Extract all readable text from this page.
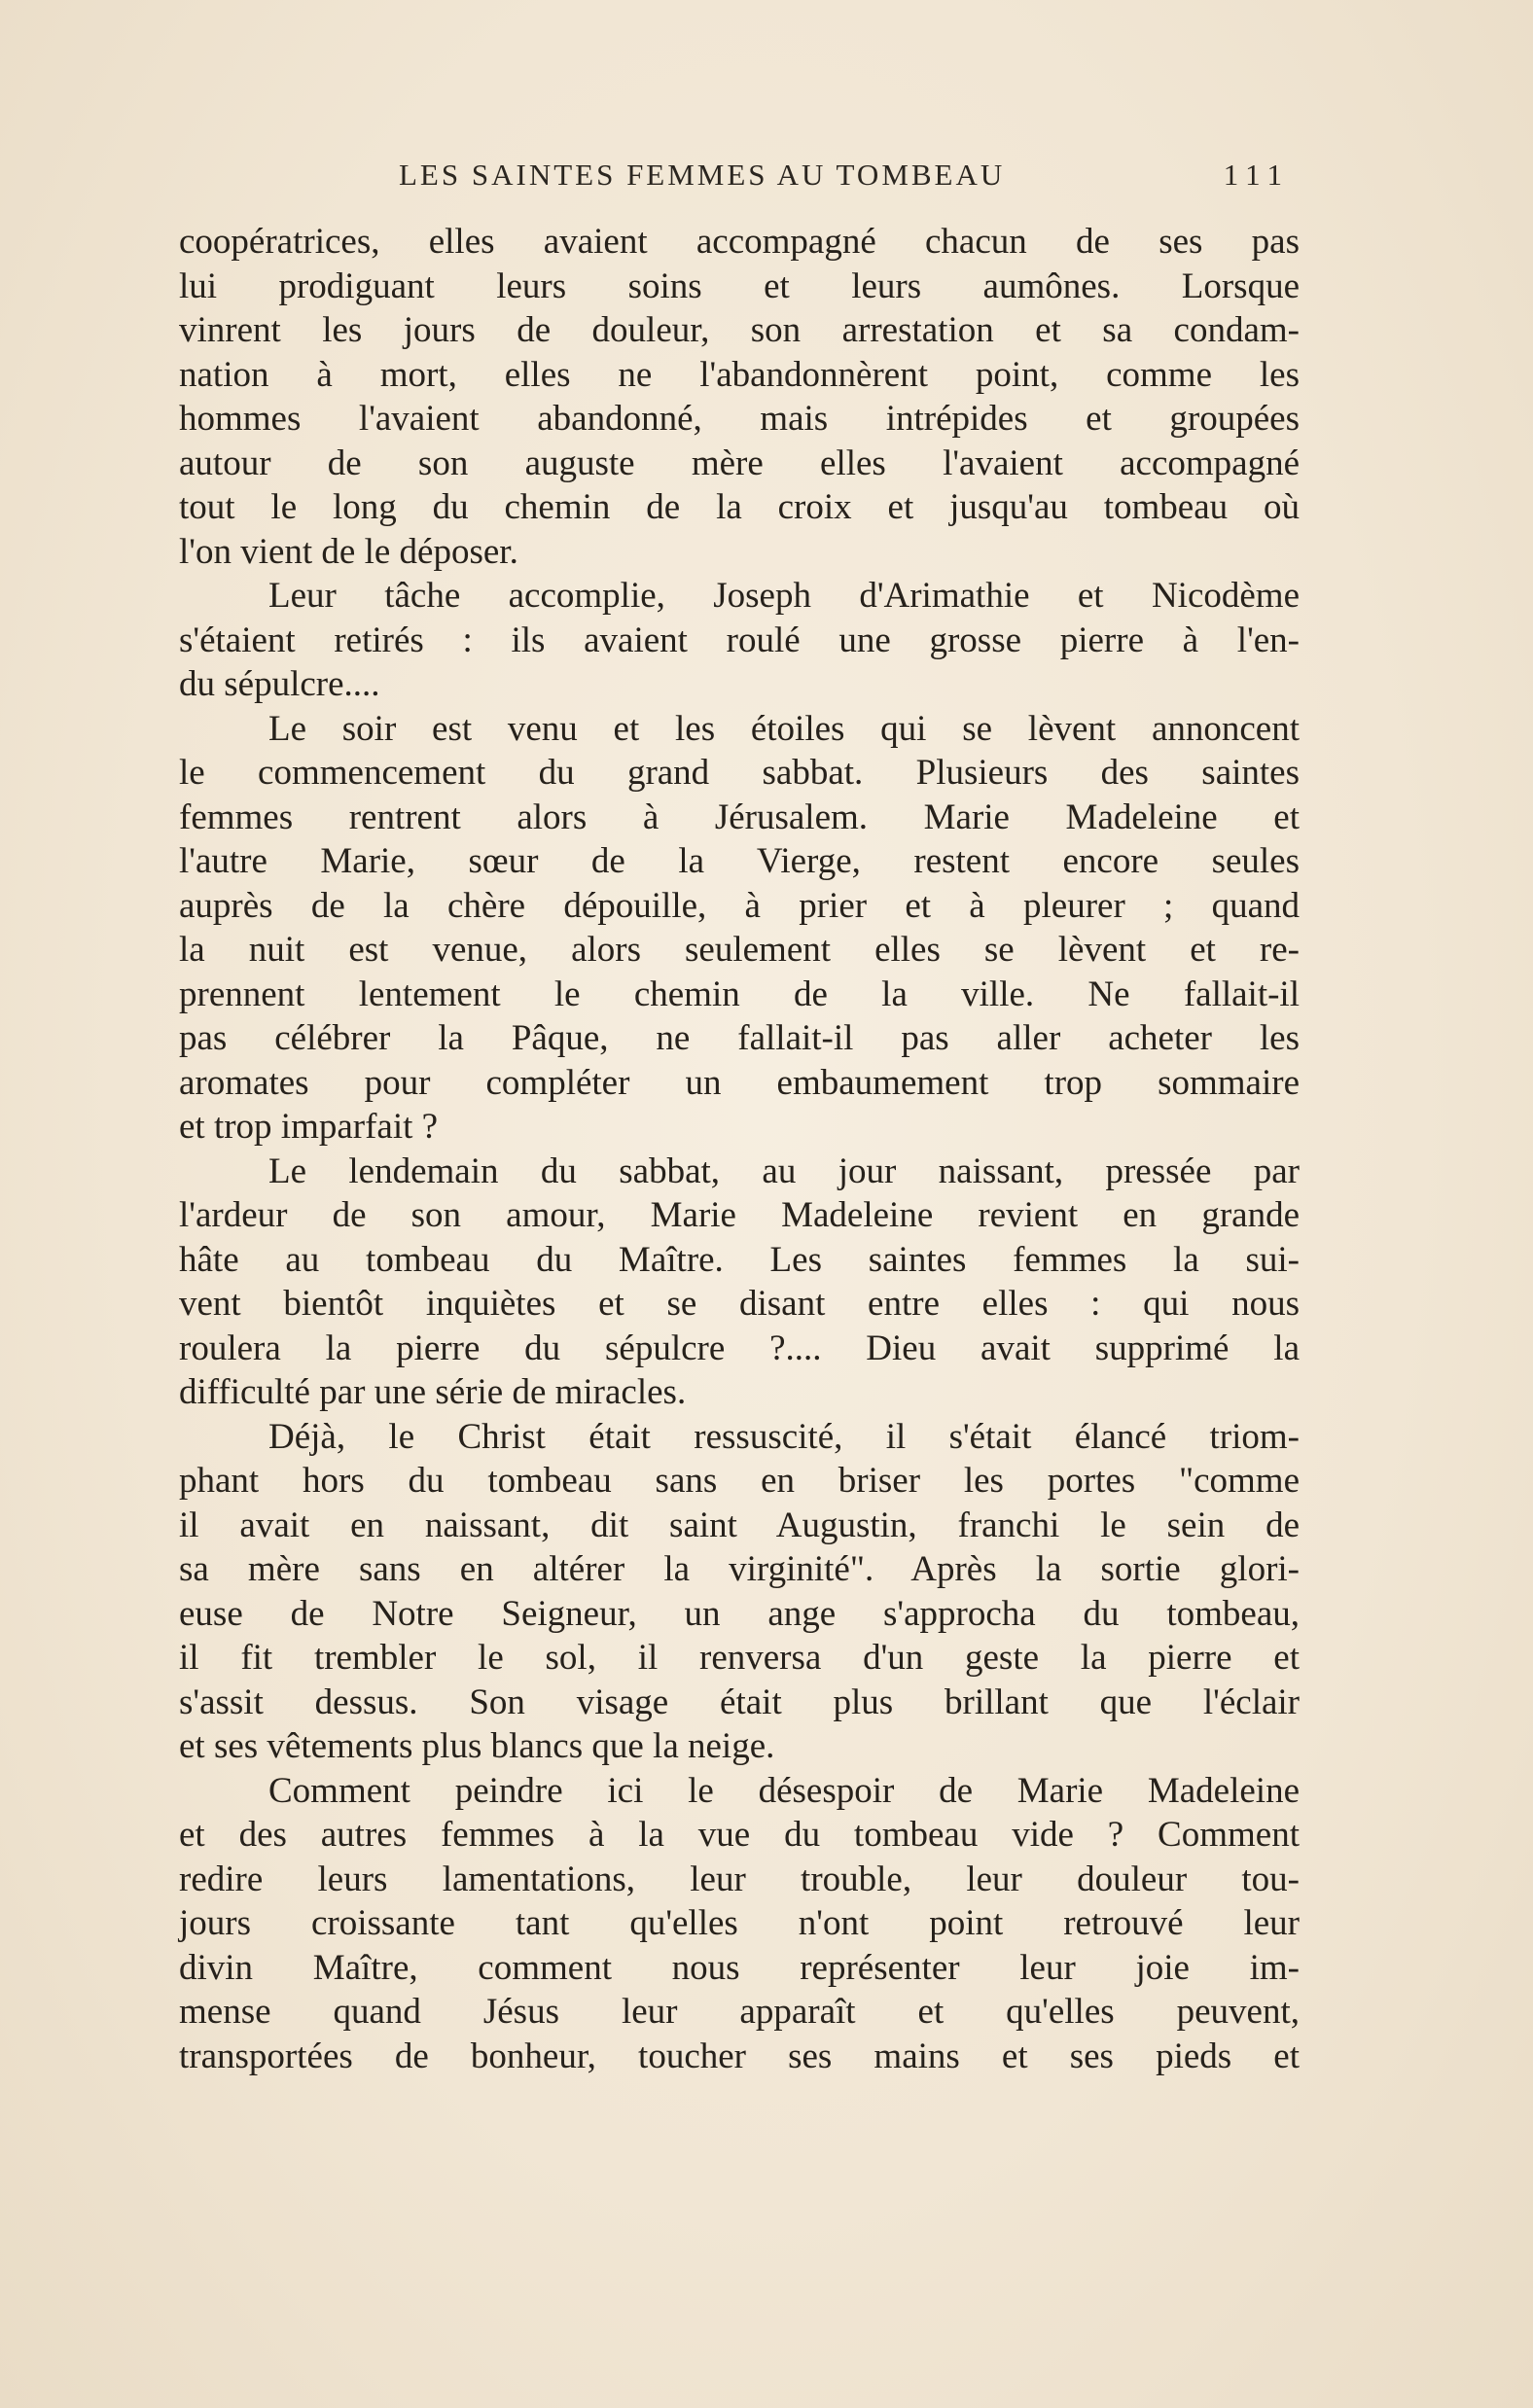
LES SAINTES FEMMES AU TOMBEAU	111

coopératrices, elles avaient accompagné chacun de ses pas
lui prodiguant leurs soins et leurs aumônes. Lorsque
vinrent les jours de douleur, son arrestation et sa condam-
nation à mort, elles ne l'abandonnèrent point, comme les
hommes l'avaient abandonné, mais intrépides et groupées
autour de son auguste mère elles l'avaient accompagné
tout le long du chemin de la croix et jusqu'au tombeau où
l'on vient de le déposer.

Leur tâche accomplie, Joseph d'Arimathie et Nicodème
s'étaient retirés : ils avaient roulé une grosse pierre à l'en-
du sépulcre....

Le soir est venu et les étoiles qui se lèvent annoncent
le commencement du grand sabbat. Plusieurs des saintes
femmes rentrent alors à Jérusalem. Marie Madeleine et
l'autre Marie, sœur de la Vierge, restent encore seules
auprès de la chère dépouille, à prier et à pleurer ; quand
la nuit est venue, alors seulement elles se lèvent et re-
prennent lentement le chemin de la ville. Ne fallait-il
pas célébrer la Pâque, ne fallait-il pas aller acheter les
aromates pour compléter un embaumement trop sommaire
et trop imparfait ?

Le lendemain du sabbat, au jour naissant, pressée par
l'ardeur de son amour, Marie Madeleine revient en grande
hâte au tombeau du Maître. Les saintes femmes la sui-
vent bientôt inquiètes et se disant entre elles : qui nous
roulera la pierre du sépulcre ?.... Dieu avait supprimé la
difficulté par une série de miracles.

Déjà, le Christ était ressuscité, il s'était élancé triom-
phant hors du tombeau sans en briser les portes "comme
il avait en naissant, dit saint Augustin, franchi le sein de
sa mère sans en altérer la virginité". Après la sortie glori-
euse de Notre Seigneur, un ange s'approcha du tombeau,
il fit trembler le sol, il renversa d'un geste la pierre et
s'assit dessus. Son visage était plus brillant que l'éclair
et ses vêtements plus blancs que la neige.

Comment peindre ici le désespoir de Marie Madeleine
et des autres femmes à la vue du tombeau vide ? Comment
redire leurs lamentations, leur trouble, leur douleur tou-
jours croissante tant qu'elles n'ont point retrouvé leur
divin Maître, comment nous représenter leur joie im-
mense quand Jésus leur apparaît et qu'elles peuvent,
transportées de bonheur, toucher ses mains et ses pieds et
